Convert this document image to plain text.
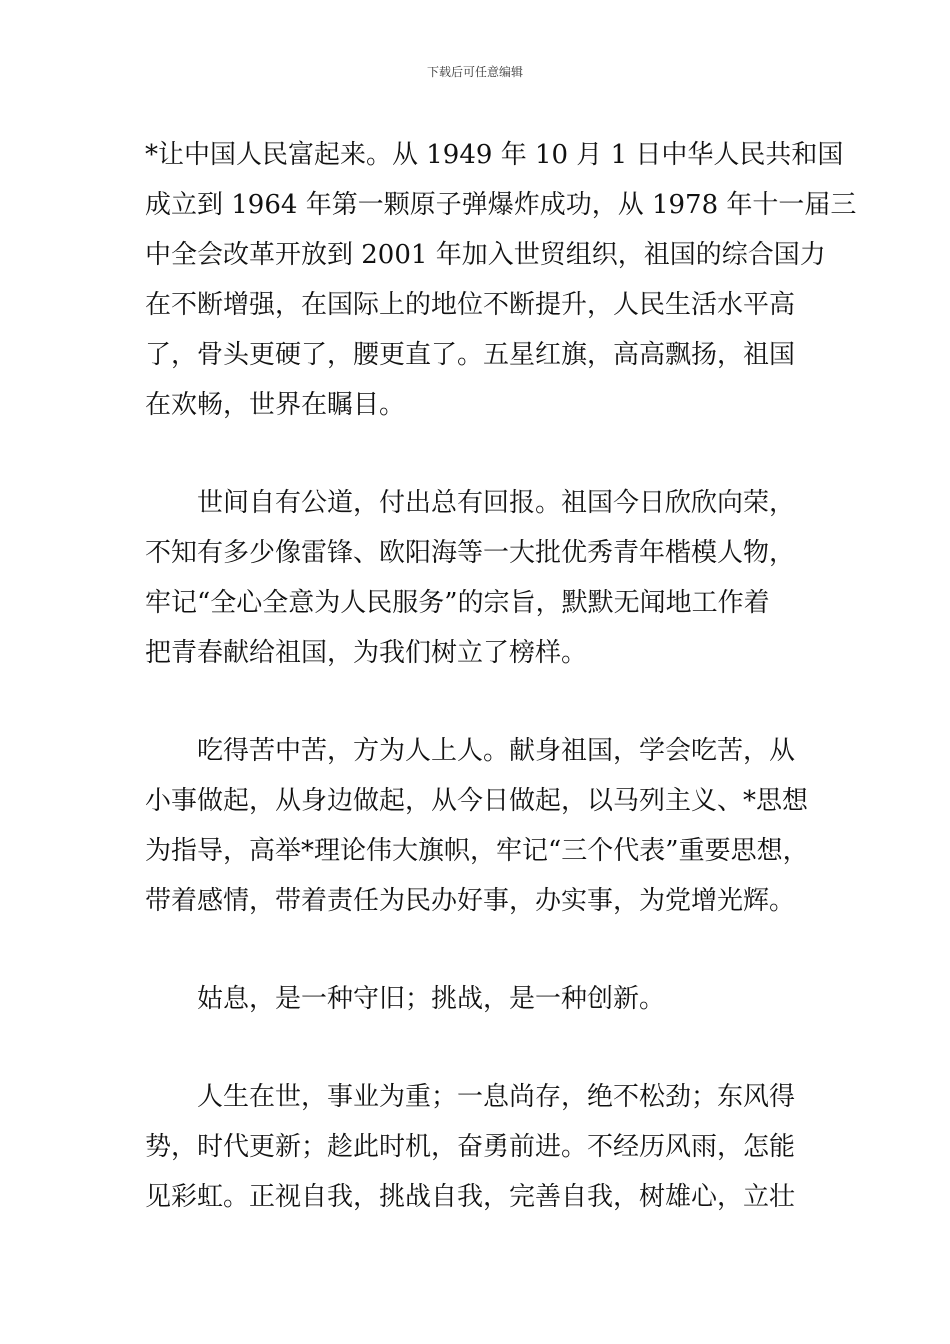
下载后可任意编辑

*让中国人民富起来。从 1949 年 10 月 1 日中华人民共和国
成立到 1964 年第一颗原子弹爆炸成功，从 1978 年十一届三
中全会改革开放到 2001 年加入世贸组织，祖国的综合国力
在不断增强，在国际上的地位不断提升，人民生活水平高
了，骨头更硬了，腰更直了。五星红旗，高高飘扬，祖国
在欢畅，世界在瞩目。

世间自有公道，付出总有回报。祖国今日欣欣向荣，
不知有多少像雷锋、欧阳海等一大批优秀青年楷模人物，
牢记“全心全意为人民服务”的宗旨，默默无闻地工作着
把青春献给祖国，为我们树立了榜样。

吃得苦中苦，方为人上人。献身祖国，学会吃苦，从
小事做起，从身边做起，从今日做起，以马列主义、*思想
为指导，高举*理论伟大旗帜，牢记“三个代表”重要思想，
带着感情，带着责任为民办好事，办实事，为党增光辉。

姑息，是一种守旧；挑战，是一种创新。

人生在世，事业为重；一息尚存，绝不松劲；东风得
势，时代更新；趁此时机，奋勇前进。不经历风雨，怎能
见彩虹。正视自我，挑战自我，完善自我，树雄心，立壮
